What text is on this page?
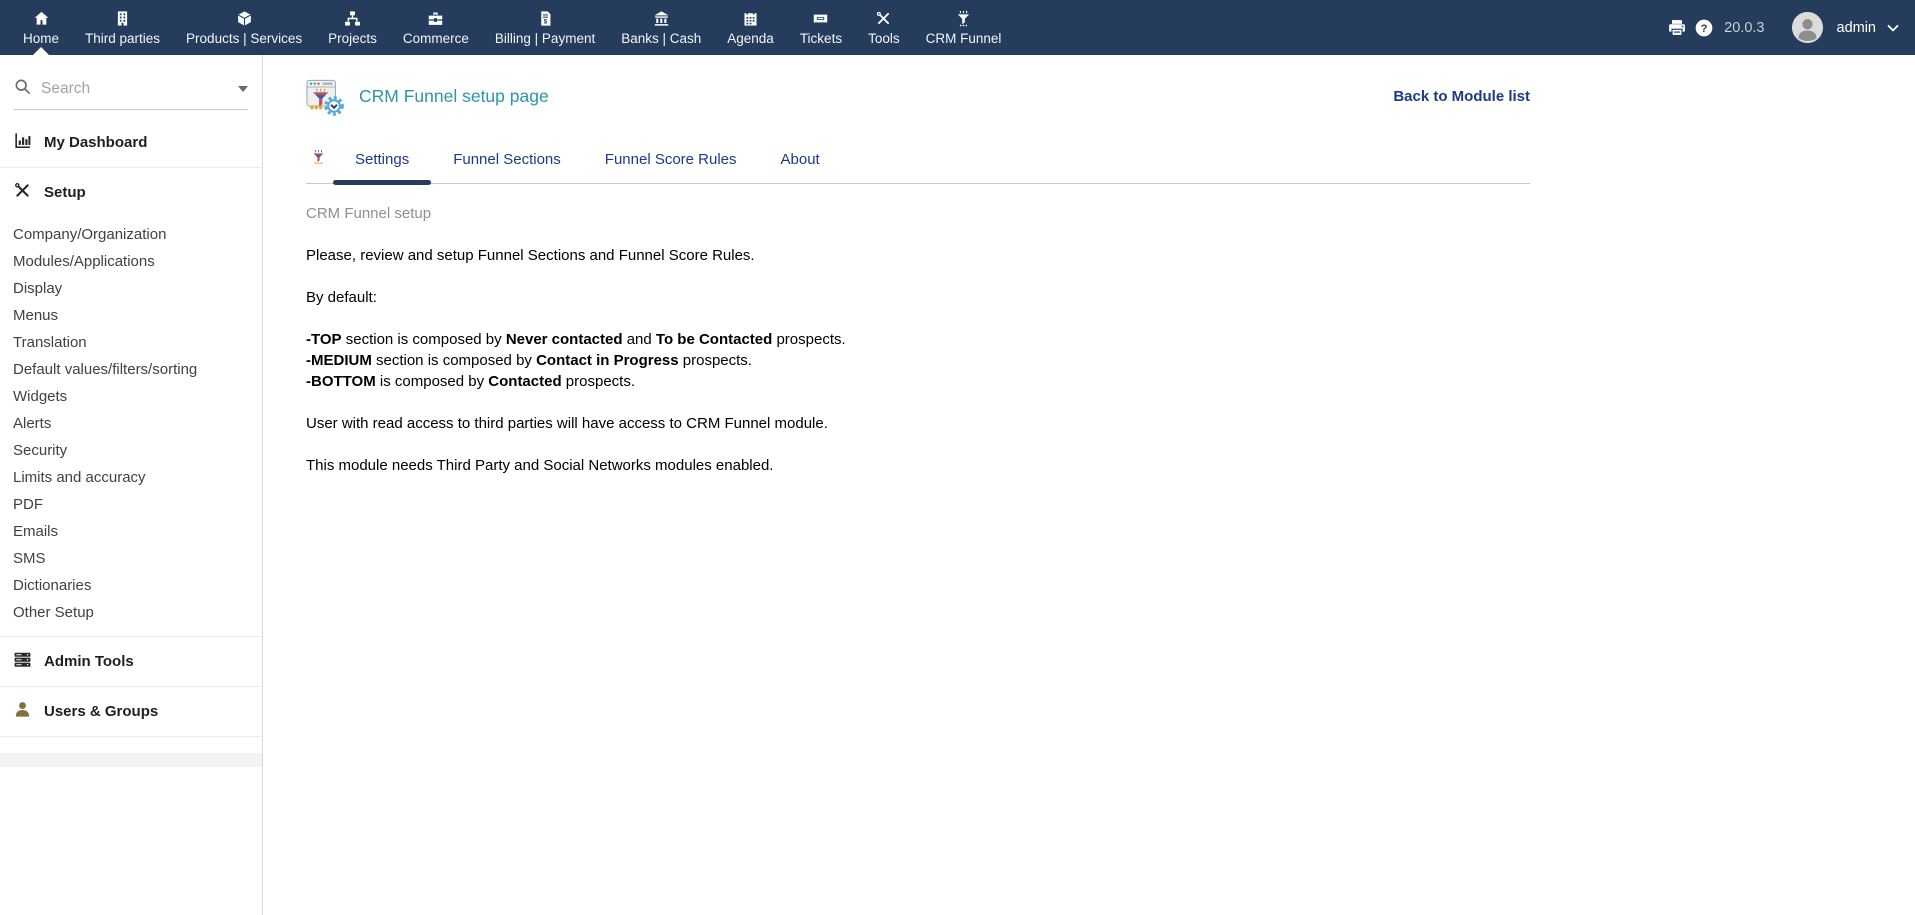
Home Third parties Products | Services Projects Commerce
$
Billing | Payment Banks | Cash Agenda Tickets Tools CRM Funnel
? 20.0.3	admin
Search
My Dashboard
Setup
Company/Organization
Modules/Applications
Display
Menus
Translation
Default values/filters/sorting
Widgets
Alerts
Security
Limits and accuracy
PDF
Emails
SMS
Dictionaries
Other Setup
Admin Tools
Users & Groups
CRM Funnel setup page	Back to Module list
Settings	Funnel Sections	Funnel Score Rules	About
CRM Funnel setup

Please, review and setup Funnel Sections and Funnel Score Rules.

By default:

-TOP section is composed by Never contacted and To be Contacted prospects.
-MEDIUM section is composed by Contact in Progress prospects.
-BOTTOM is composed by Contacted prospects.

User with read access to third parties will have access to CRM Funnel module.

This module needs Third Party and Social Networks modules enabled.
